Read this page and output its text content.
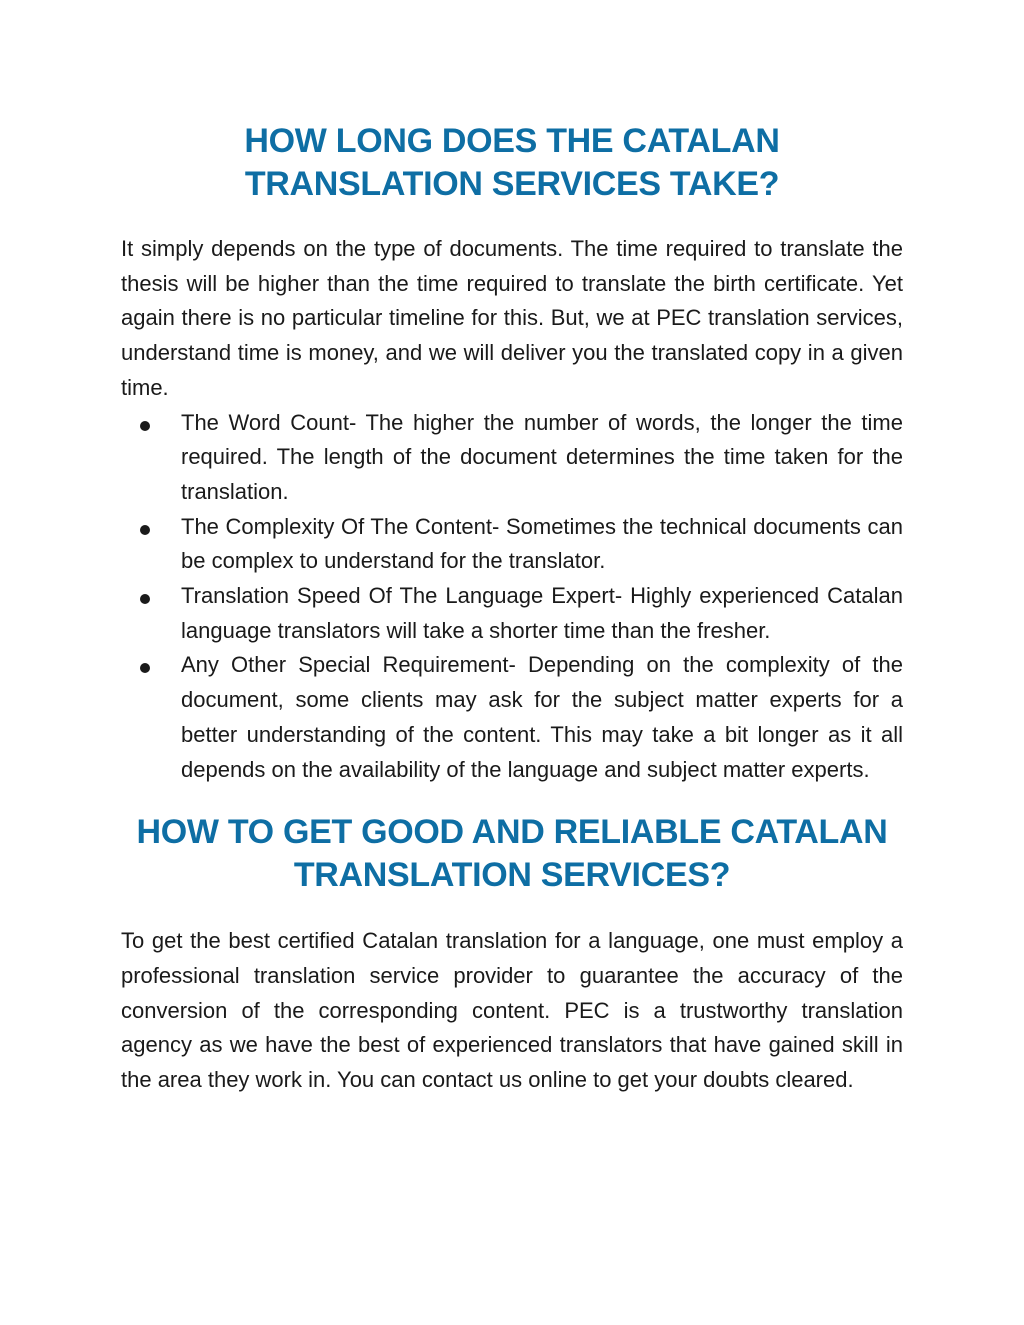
HOW LONG DOES THE CATALAN
TRANSLATION SERVICES TAKE?

It simply depends on the type of documents. The time required to translate the thesis will be higher than the time required to translate the birth certificate. Yet again there is no particular timeline for this. But, we at PEC translation services, understand time is money, and we will deliver you the translated copy in a given time.

The Word Count- The higher the number of words, the longer the time required. The length of the document determines the time taken for the translation.
The Complexity Of The Content- Sometimes the technical documents can be complex to understand for the translator.
Translation Speed Of The Language Expert- Highly experienced Catalan language translators will take a shorter time than the fresher.
Any Other Special Requirement- Depending on the complexity of the document, some clients may ask for the subject matter experts for a better understanding of the content. This may take a bit longer as it all depends on the availability of the language and subject matter experts.
HOW TO GET GOOD AND RELIABLE CATALAN
TRANSLATION SERVICES?

To get the best certified Catalan translation for a language, one must employ a professional translation service provider to guarantee the accuracy of the conversion of the corresponding content. PEC is a trustworthy translation agency as we have the best of experienced translators that have gained skill in the area they work in. You can contact us online to get your doubts cleared.
